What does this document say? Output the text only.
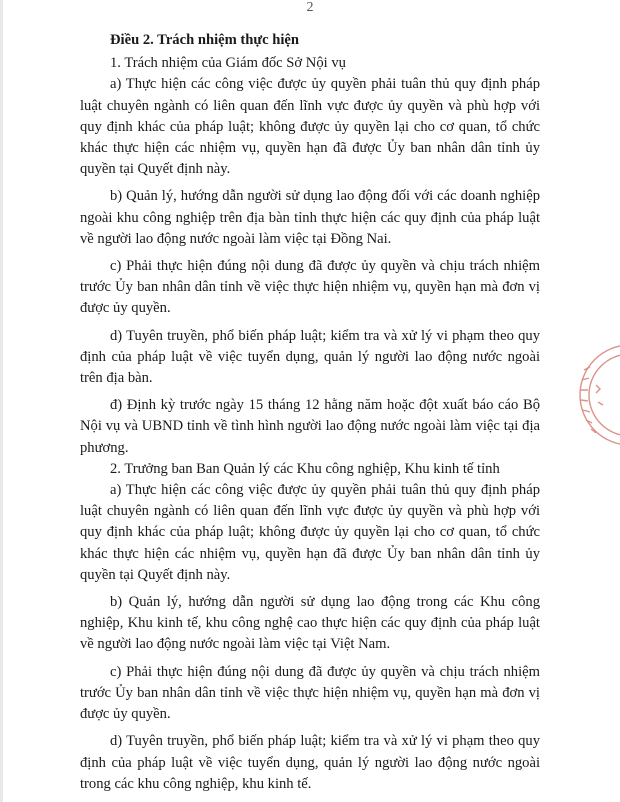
2

Điều 2. Trách nhiệm thực hiện

1. Trách nhiệm của Giám đốc Sở Nội vụ

a) Thực hiện các công việc được ủy quyền phải tuân thủ quy định pháp luật chuyên ngành có liên quan đến lĩnh vực được ủy quyền và phù hợp với quy định khác của pháp luật; không được ủy quyền lại cho cơ quan, tổ chức khác thực hiện các nhiệm vụ, quyền hạn đã được Ủy ban nhân dân tỉnh ủy quyền tại Quyết định này.

b) Quản lý, hướng dẫn người sử dụng lao động đối với các doanh nghiệp ngoài khu công nghiệp trên địa bàn tỉnh thực hiện các quy định của pháp luật về người lao động nước ngoài làm việc tại Đồng Nai.

c) Phải thực hiện đúng nội dung đã được ủy quyền và chịu trách nhiệm trước Ủy ban nhân dân tỉnh về việc thực hiện nhiệm vụ, quyền hạn mà đơn vị được ủy quyền.

d) Tuyên truyền, phổ biến pháp luật; kiểm tra và xử lý vi phạm theo quy định của pháp luật về việc tuyển dụng, quản lý người lao động nước ngoài trên địa bàn.

đ) Định kỳ trước ngày 15 tháng 12 hằng năm hoặc đột xuất báo cáo Bộ Nội vụ và UBND tỉnh về tình hình người lao động nước ngoài làm việc tại địa phương.

2. Trưởng ban Ban Quản lý các Khu công nghiệp, Khu kinh tế tỉnh

a) Thực hiện các công việc được ủy quyền phải tuân thủ quy định pháp luật chuyên ngành có liên quan đến lĩnh vực được ủy quyền và phù hợp với quy định khác của pháp luật; không được ủy quyền lại cho cơ quan, tổ chức khác thực hiện các nhiệm vụ, quyền hạn đã được Ủy ban nhân dân tỉnh ủy quyền tại Quyết định này.

b) Quản lý, hướng dẫn người sử dụng lao động trong các Khu công nghiệp, Khu kinh tế, khu công nghệ cao thực hiện các quy định của pháp luật về người lao động nước ngoài làm việc tại Việt Nam.

c) Phải thực hiện đúng nội dung đã được ủy quyền và chịu trách nhiệm trước Ủy ban nhân dân tỉnh về việc thực hiện nhiệm vụ, quyền hạn mà đơn vị được ủy quyền.

d) Tuyên truyền, phổ biến pháp luật; kiểm tra và xử lý vi phạm theo quy định của pháp luật về việc tuyển dụng, quản lý người lao động nước ngoài trong các khu công nghiệp, khu kinh tế.
